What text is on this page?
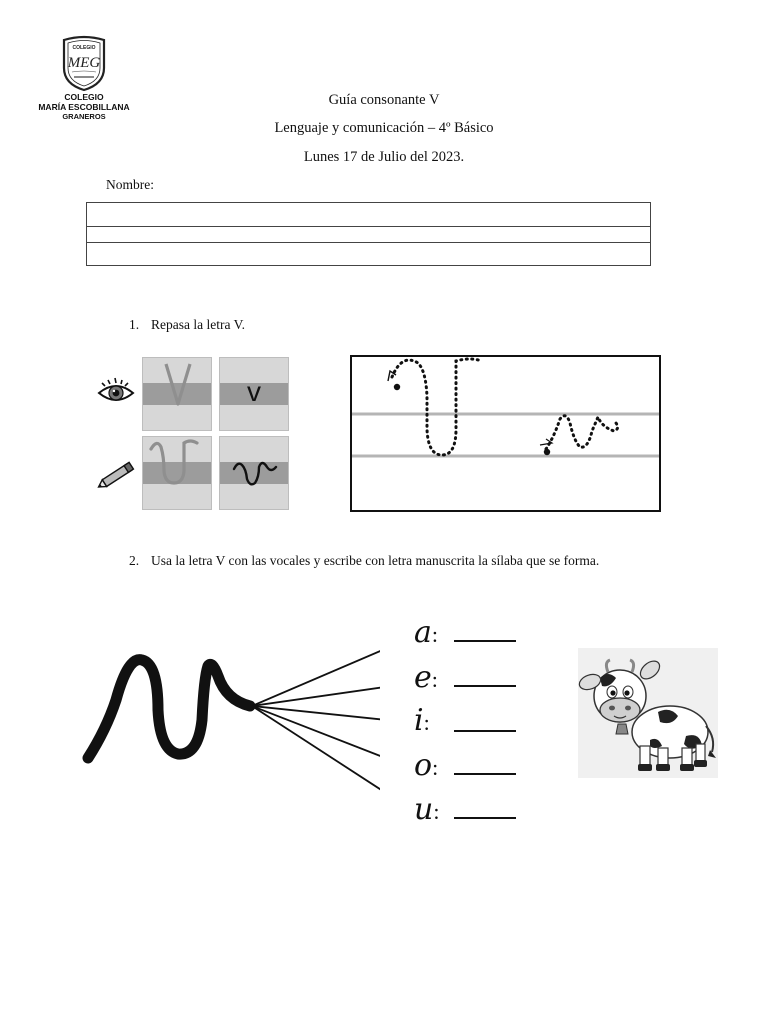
COLEGIO
MEG
COLEGIO
MARÍA ESCOBILLANA
GRANEROS
Guía consonante V
Lenguaje y comunicación – 4º Básico
Lunes 17 de Julio del 2023.
Nombre:
1. Repasa la letra V.
v
2. Usa la letra V con las vocales y escribe con letra manuscrita la sílaba que se forma.
a:
e:
i:
o:
u:
